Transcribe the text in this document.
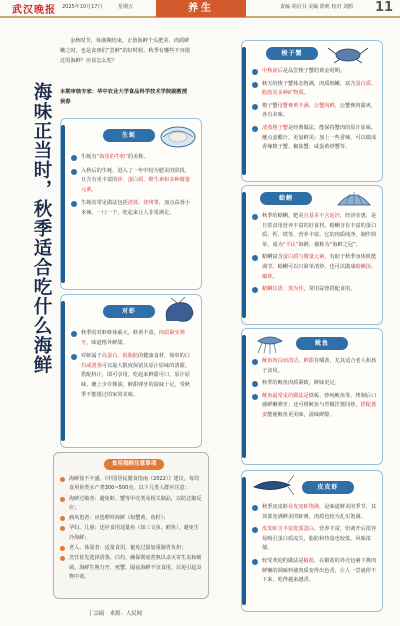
武汉晚报 2025年10月17日	星期五	养生	责编 胡启书 美编 徐莉 校对 刘鸥 11
金秋时节，休渔期结束，正值海鲜个头肥美、肉质鲜嫩之时，也是食客们“尝鲜”的好时候。秋季有哪些不容错过的海鲜？应该怎么吃？
本期审核专家：华中农业大学食品科学技术学院副教授 侯春
海味正当时，秋季适合吃什么海鲜	生蚝
生蚝有“海里的牛奶”的美称。
入秋后的生蚝，进入了一年中较为肥美的阶段，且含有更丰富的锌、蛋白质、维生素和多种微量元素。
生蚝的常见做法包括清蒸、烧烤等，加点蒜蓉小米辣，一口一个，吃起来让人非常满足。
对虾
秋季的对虾虾体硕大，虾黄丰盈，肉质紧实弹牙，味道格外鲜甜。
对虾属于高蛋白、低脂肪的健康食材，简单的白灼或清蒸可以最大限度保留其原汁原味的清甜。搭配料汁，即可享用，吃起来鲜甜可口，原汁原味，蘸上少许酱油，鲜甜弹牙的滋味十足，受秋季不能错过的家常美味。
食用海鲜注意事项
海鲜盐不丰盛。《中国居民膳食指南（2022）》建议，每周食用鱼类水产类300~500克，以下几类人群应注意：
海鲜过敏者：避免虾、蟹等甲壳类及相关制品，以防过敏反应；
痛风患者：应选嘌呤海鲜（如蟹黄、鱼籽）；
孕妇、儿童：还应食用适量鱼（如三文鱼、鳕鱼），避免生冷海鲜；
老人、体弱者：适量食用，避免过量加重肠胃负担；
烹饪优先选择清蒸、白灼，确保彻底煮熟以杀灭寄生虫和细菌。海鲜生熟分开，死蟹、隔夜海鲜不宜食用，以免引起食物中毒。
梭子蟹
中秋前后是品尝梭子蟹的黄金时期。
秋天的梭子蟹体态饱满，肉质细嫩，富含蛋白质、脂肪及多种矿物质。
梭子蟹母蟹膏黄丰满，公蟹肉鲜，公蟹膏肉甜爽，各有美味。
清蒸梭子蟹是经典做法，能保持蟹肉的原汁原味。蘸点姜醋汁，更加鲜美；加上一些香辣，可以做成香辣梭子蟹、椒盐蟹、咸蛋黄炒蟹等。
蛤蜊
秋季的蛤蜊，肥美且基本不含泥沙，经济实惠，是日常食用营养丰富的好食材。蛤蜊含有丰富的蛋白质、钙、铁等，营养丰富。它的肉质纯净，制作简单，成为“平民”海鲜，被称为“海鲜之冠”。
蛤蜊富含蛋白质与微量元素，有助于秋季身体机能调节。蛤蜊可以只简单清炒，也可以做成蛤蜊汤、爆炒。
蛤蜊以清、蒸为佳，常用蒜蓉搭配食用。
鱿鱼
鱿鱼肉白而清洁，鲜甜有嚼劲，尤其适合老人和孩子食用。
秋季的鱿鱼肉质紧致，鲜味更足。
鱿鱼最常见的做法是铁板、炒炖鱿鱼等，烤制后口感鲜嫩弹牙；还可将鱿鱼与青椒洋葱同炒，搭配葱姜能使鱿鱼更美味，滋味鲜醇。
皮皮虾
秋季皮皮虾母皮皮虾饱满，是味道鲜美的季节，其顶部充满鲜美的虾膏，肉质也较为扎实饱满。
皮皮虾含丰富优质蛋白，营养丰富，但剥开后很容易吸引蛋白质流失，脂肪和热量也较低，风味浓郁。
较受欢迎的做法是椒盐，在椒盐的外壳包裹下酱肉鲜嫩的调味料使肉质变得出色香，让人一尝就停不下来，吃得越来越香。
丁宗硕　来源：人民网
